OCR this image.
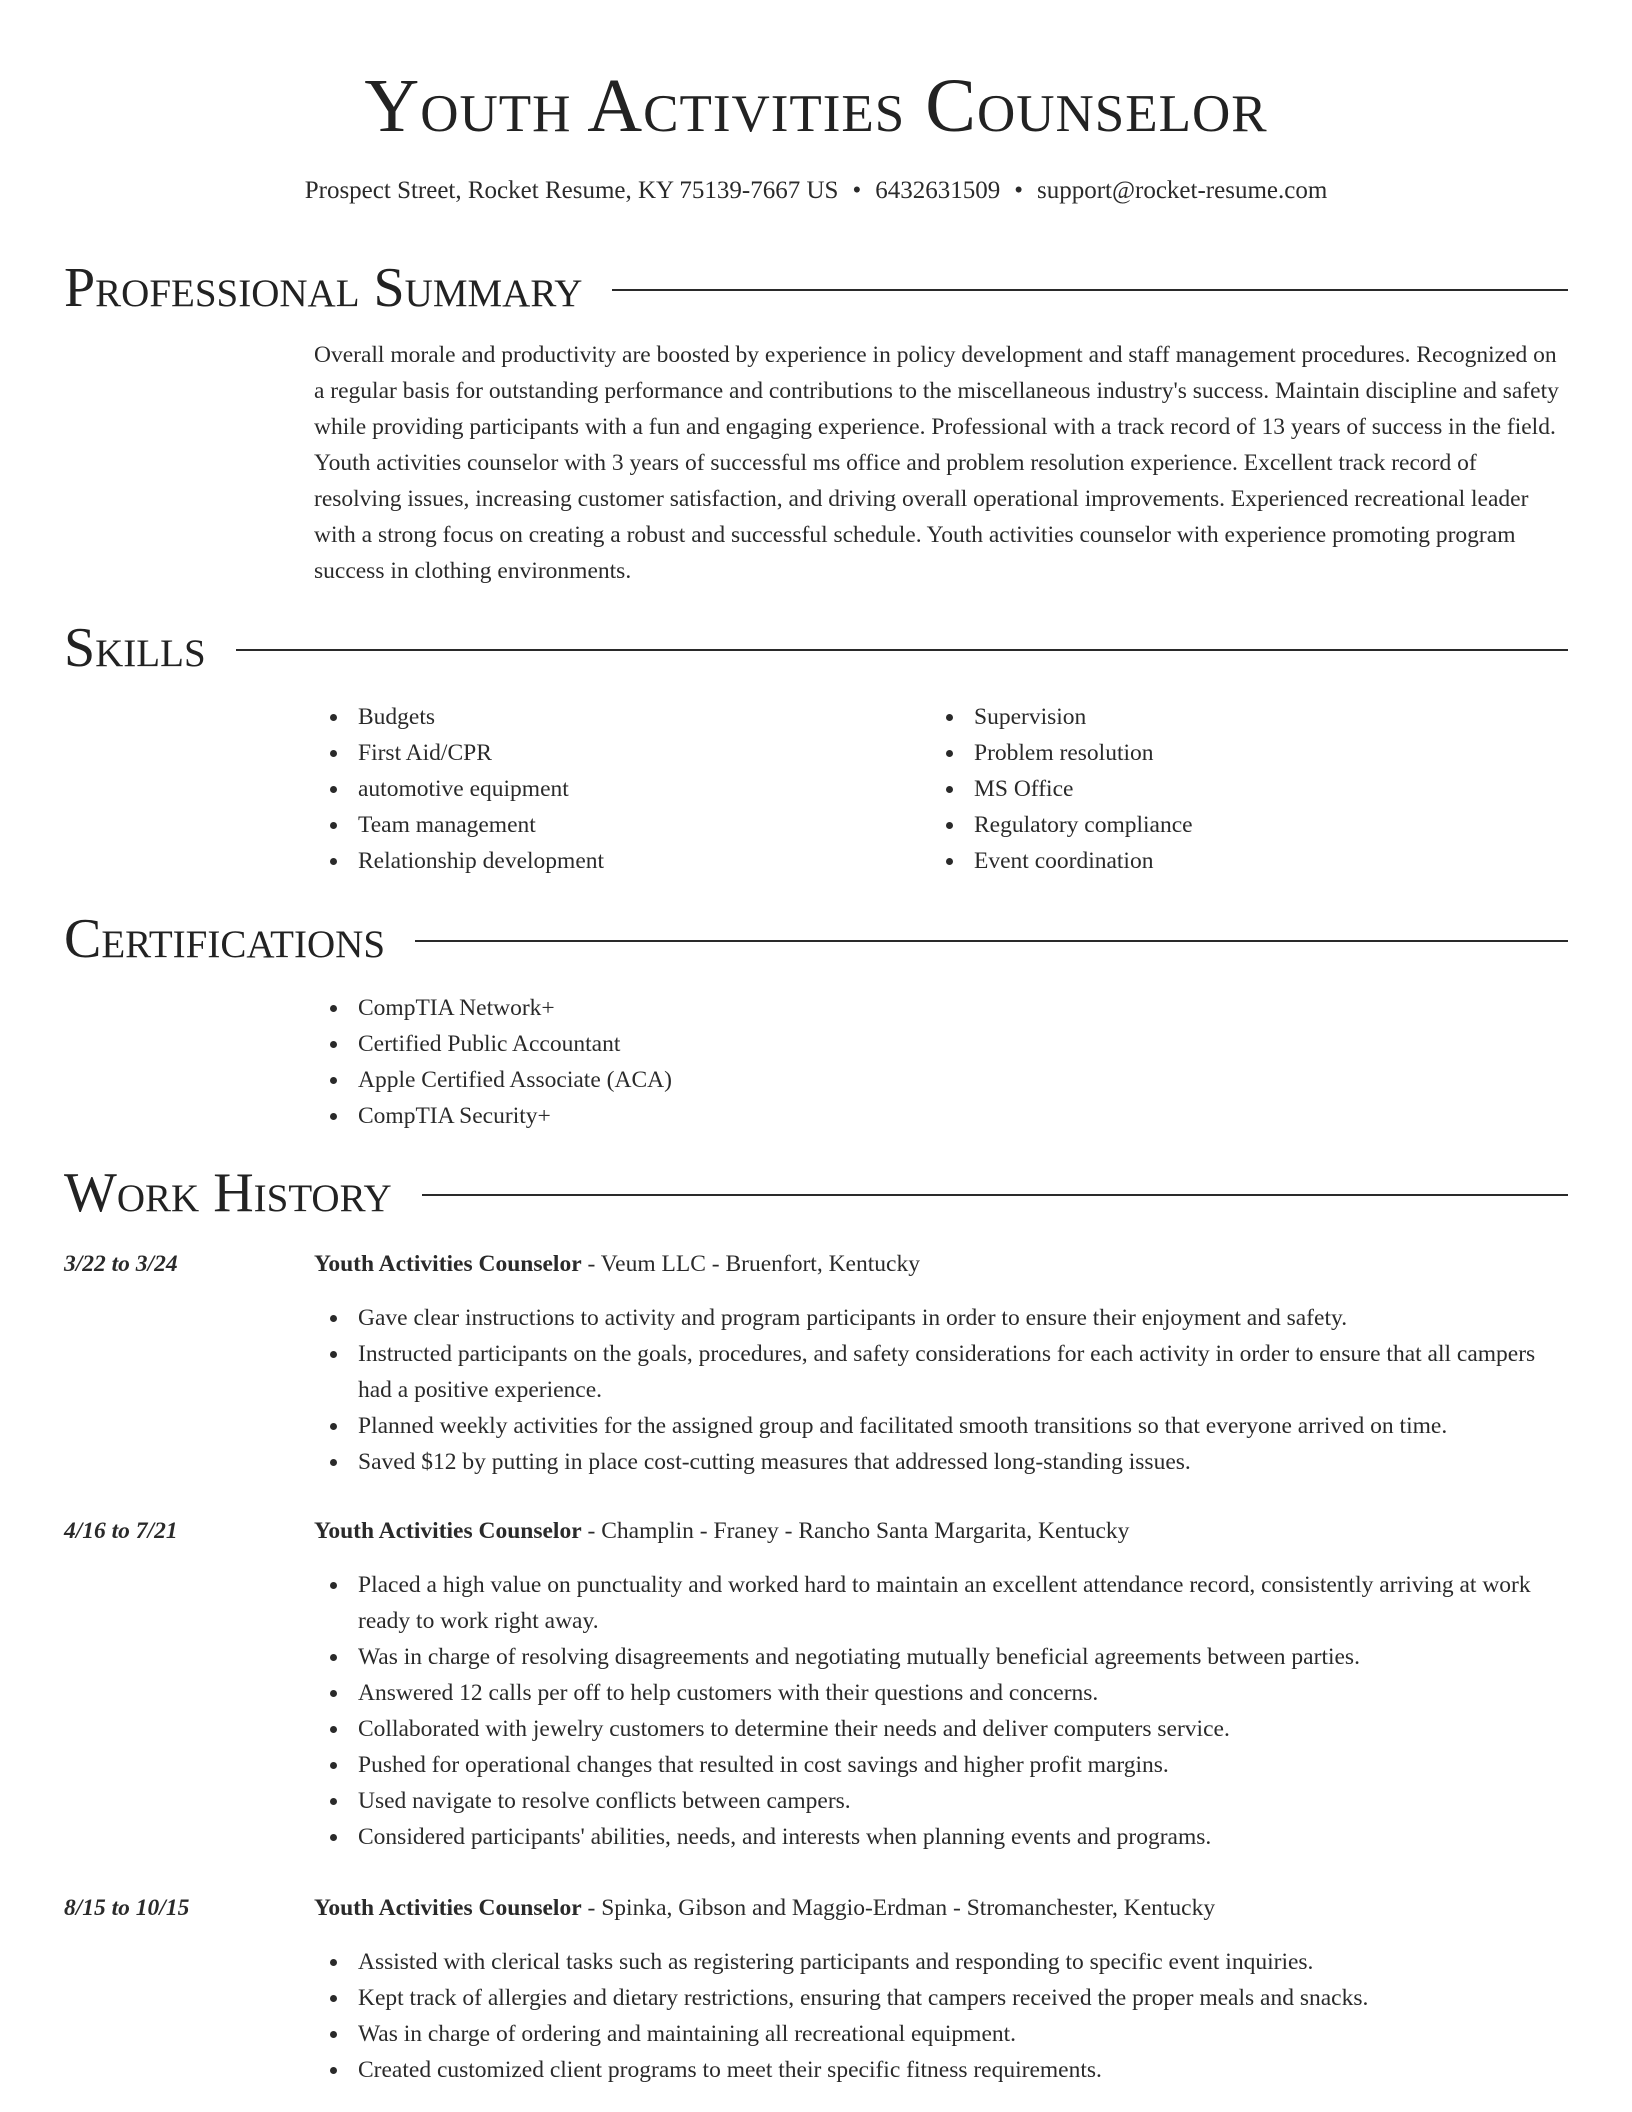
Youth Activities Counselor
Prospect Street, Rocket Resume, KY 75139-7667 US • 6432631509 • support@rocket-resume.com
Professional Summary

Overall morale and productivity are boosted by experience in policy development and staff management procedures. Recognized on a regular basis for outstanding performance and contributions to the miscellaneous industry's success. Maintain discipline and safety while providing participants with a fun and engaging experience. Professional with a track record of 13 years of success in the field. Youth activities counselor with 3 years of successful ms office and problem resolution experience. Excellent track record of resolving issues, increasing customer satisfaction, and driving overall operational improvements. Experienced recreational leader with a strong focus on creating a robust and successful schedule. Youth activities counselor with experience promoting program success in clothing environments.

Skills
Budgets
First Aid/CPR
automotive equipment
Team management
Relationship development
Supervision
Problem resolution
MS Office
Regulatory compliance
Event coordination
Certifications
CompTIA Network+
Certified Public Accountant
Apple Certified Associate (ACA)
CompTIA Security+
Work History
3/22 to 3/24	Youth Activities Counselor - Veum LLC - Bruenfort, Kentucky
Gave clear instructions to activity and program participants in order to ensure their enjoyment and safety.
Instructed participants on the goals, procedures, and safety considerations for each activity in order to ensure that all campers had a positive experience.
Planned weekly activities for the assigned group and facilitated smooth transitions so that everyone arrived on time.
Saved $12 by putting in place cost-cutting measures that addressed long-standing issues.
4/16 to 7/21	Youth Activities Counselor - Champlin - Franey - Rancho Santa Margarita, Kentucky
Placed a high value on punctuality and worked hard to maintain an excellent attendance record, consistently arriving at work ready to work right away.
Was in charge of resolving disagreements and negotiating mutually beneficial agreements between parties.
Answered 12 calls per off to help customers with their questions and concerns.
Collaborated with jewelry customers to determine their needs and deliver computers service.
Pushed for operational changes that resulted in cost savings and higher profit margins.
Used navigate to resolve conflicts between campers.
Considered participants' abilities, needs, and interests when planning events and programs.
8/15 to 10/15	Youth Activities Counselor - Spinka, Gibson and Maggio-Erdman - Stromanchester, Kentucky
Assisted with clerical tasks such as registering participants and responding to specific event inquiries.
Kept track of allergies and dietary restrictions, ensuring that campers received the proper meals and snacks.
Was in charge of ordering and maintaining all recreational equipment.
Created customized client programs to meet their specific fitness requirements.
